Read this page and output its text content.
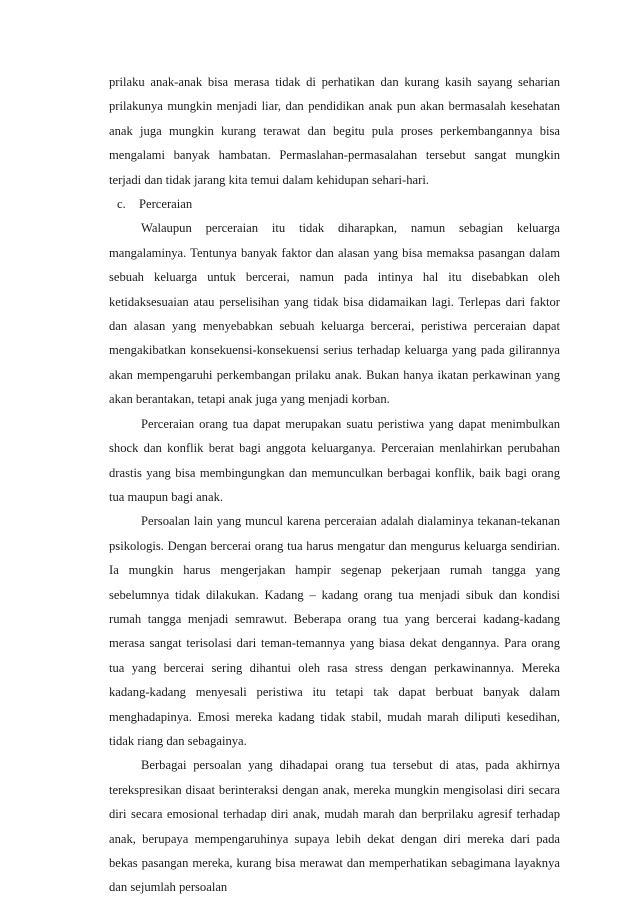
prilaku anak-anak bisa merasa tidak di perhatikan dan kurang kasih sayang seharian prilakunya mungkin menjadi liar, dan pendidikan anak pun akan bermasalah kesehatan anak juga mungkin kurang terawat dan begitu pula proses perkembangannya bisa mengalami banyak hambatan. Permaslahan-permasalahan tersebut sangat mungkin terjadi dan tidak jarang kita temui dalam kehidupan sehari-hari.

c. Perceraian

Walaupun perceraian itu tidak diharapkan, namun sebagian keluarga mangalaminya. Tentunya banyak faktor dan alasan yang bisa memaksa pasangan dalam sebuah keluarga untuk bercerai, namun pada intinya hal itu disebabkan oleh ketidaksesuaian atau perselisihan yang tidak bisa didamaikan lagi. Terlepas dari faktor dan alasan yang menyebabkan sebuah keluarga bercerai, peristiwa perceraian dapat mengakibatkan konsekuensi-konsekuensi serius terhadap keluarga yang pada gilirannya akan mempengaruhi perkembangan prilaku anak. Bukan hanya ikatan perkawinan yang akan berantakan, tetapi anak juga yang menjadi korban.

Perceraian orang tua dapat merupakan suatu peristiwa yang dapat menimbulkan shock dan konflik berat bagi anggota keluarganya. Perceraian menlahirkan perubahan drastis yang bisa membingungkan dan memunculkan berbagai konflik, baik bagi orang tua maupun bagi anak.

Persoalan lain yang muncul karena perceraian adalah dialaminya tekanan-tekanan psikologis. Dengan bercerai orang tua harus mengatur dan mengurus keluarga sendirian. Ia mungkin harus mengerjakan hampir segenap pekerjaan rumah tangga yang sebelumnya tidak dilakukan. Kadang – kadang orang tua menjadi sibuk dan kondisi rumah tangga menjadi semrawut. Beberapa orang tua yang bercerai kadang-kadang merasa sangat terisolasi dari teman-temannya yang biasa dekat dengannya. Para orang tua yang bercerai sering dihantui oleh rasa stress dengan perkawinannya. Mereka kadang-kadang menyesali peristiwa itu tetapi tak dapat berbuat banyak dalam menghadapinya. Emosi mereka kadang tidak stabil, mudah marah diliputi kesedihan, tidak riang dan sebagainya.

Berbagai persoalan yang dihadapai orang tua tersebut di atas, pada akhirnya terekspresikan disaat berinteraksi dengan anak, mereka mungkin mengisolasi diri secara diri secara emosional terhadap diri anak, mudah marah dan berprilaku agresif terhadap anak, berupaya mempengaruhinya supaya lebih dekat dengan diri mereka dari pada bekas pasangan mereka, kurang bisa merawat dan memperhatikan sebagimana layaknya dan sejumlah persoalan
